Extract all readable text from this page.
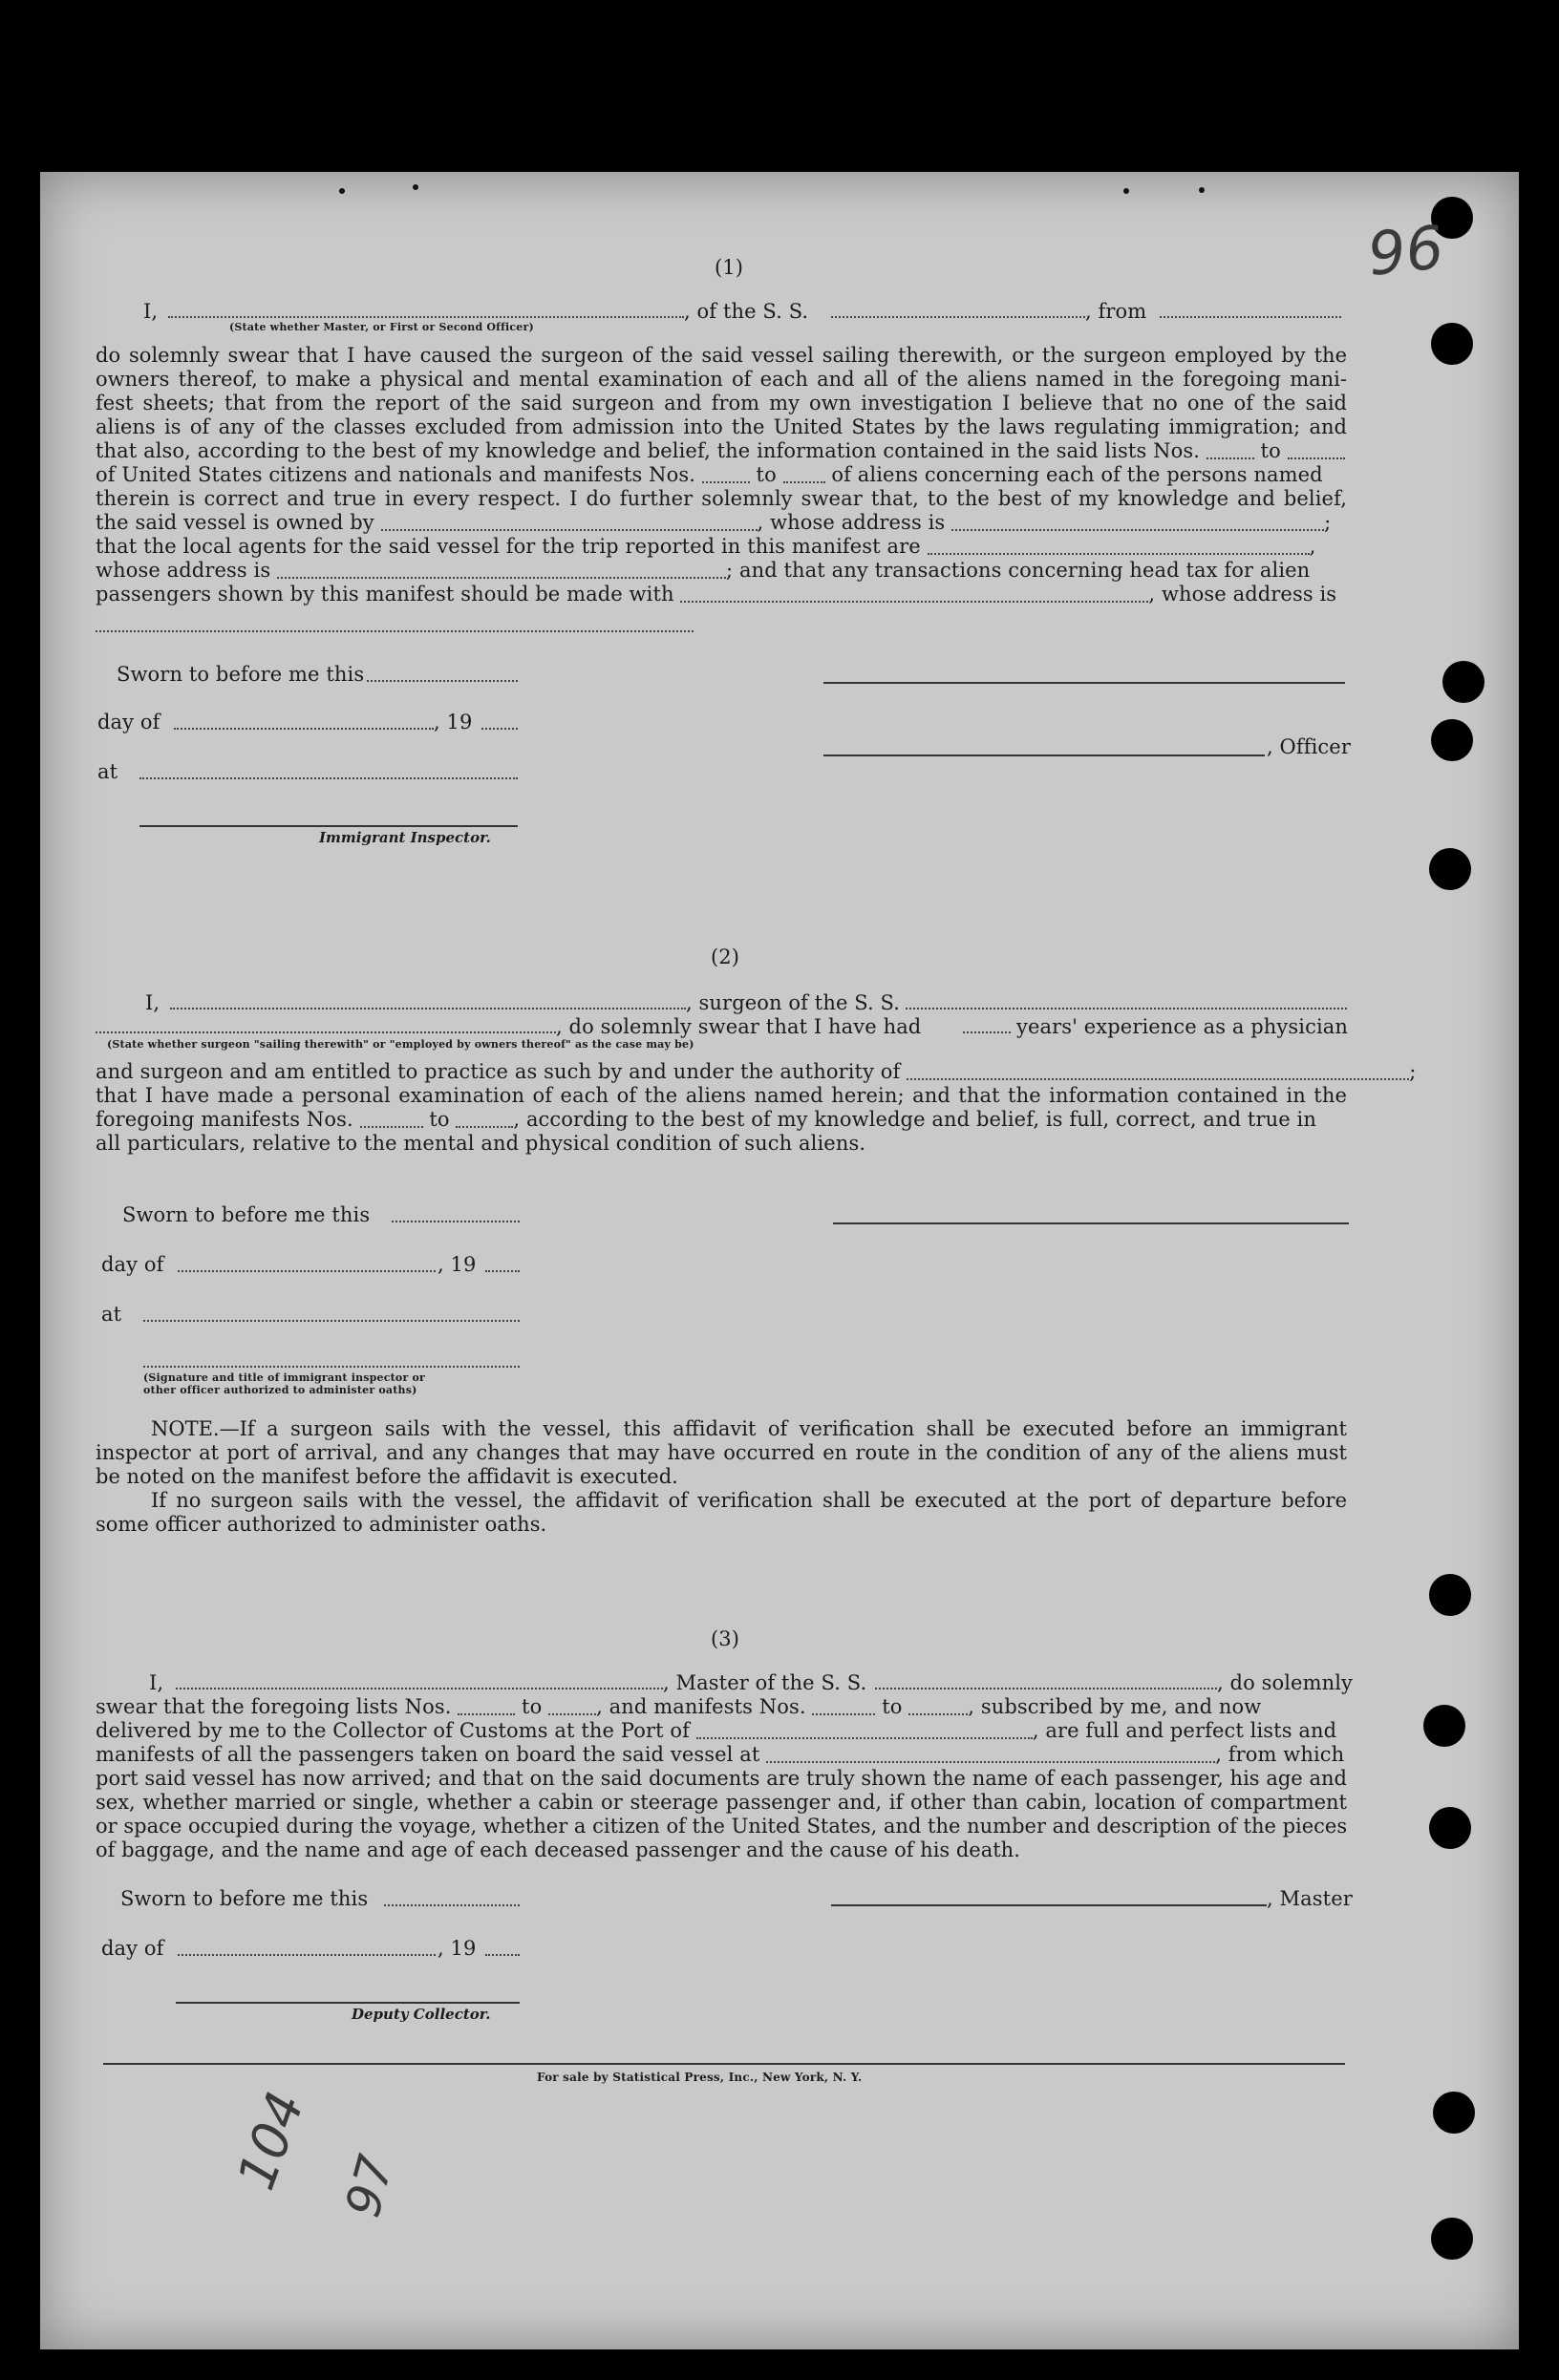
96
104 97
(1)
I,	, of the S. S.	, from
(State whether Master, or First or Second Officer)
do solemnly swear that I have caused the surgeon of the said vessel sailing therewith, or the surgeon employed by the
owners thereof, to make a physical and mental examination of each and all of the aliens named in the foregoing mani-
fest sheets; that from the report of the said surgeon and from my own investigation I believe that no one of the said
aliens is of any of the classes excluded from admission into the United States by the laws regulating immigration; and
that also, according to the best of my knowledge and belief, the information contained in the said lists Nos.	to
of United States citizens and nationals and manifests Nos.	to	of aliens concerning each of the persons named
therein is correct and true in every respect. I do further solemnly swear that, to the best of my knowledge and belief,
the said vessel is owned by	, whose address is	;
that the local agents for the said vessel for the trip reported in this manifest are	,
whose address is	; and that any transactions concerning head tax for alien
passengers shown by this manifest should be made with	, whose address is
Sworn to before me this
day of	, 19
at
Immigrant Inspector.
, Officer
(2)
I,	, surgeon of the S. S.
, do solemnly swear that I have had	years' experience as a physician
(State whether surgeon "sailing therewith" or "employed by owners thereof" as the case may be)
and surgeon and am entitled to practice as such by and under the authority of	;
that I have made a personal examination of each of the aliens named herein; and that the information contained in the
foregoing manifests Nos.	to	, according to the best of my knowledge and belief, is full, correct, and true in
all particulars, relative to the mental and physical condition of such aliens.
Sworn to before me this
day of	, 19
at
(Signature and title of immigrant inspector or
other officer authorized to administer oaths)
NOTE.—If a surgeon sails with the vessel, this affidavit of verification shall be executed before an immigrant
inspector at port of arrival, and any changes that may have occurred en route in the condition of any of the aliens must
be noted on the manifest before the affidavit is executed.
If no surgeon sails with the vessel, the affidavit of verification shall be executed at the port of departure before
some officer authorized to administer oaths.
(3)
I,	, Master of the S. S.	, do solemnly
swear that the foregoing lists Nos.	to	, and manifests Nos.	to	, subscribed by me, and now
delivered by me to the Collector of Customs at the Port of	, are full and perfect lists and
manifests of all the passengers taken on board the said vessel at	, from which
port said vessel has now arrived; and that on the said documents are truly shown the name of each passenger, his age and
sex, whether married or single, whether a cabin or steerage passenger and, if other than cabin, location of compartment
or space occupied during the voyage, whether a citizen of the United States, and the number and description of the pieces
of baggage, and the name and age of each deceased passenger and the cause of his death.
Sworn to before me this
day of	, 19
Deputy Collector.
, Master
For sale by Statistical Press, Inc., New York, N. Y.
